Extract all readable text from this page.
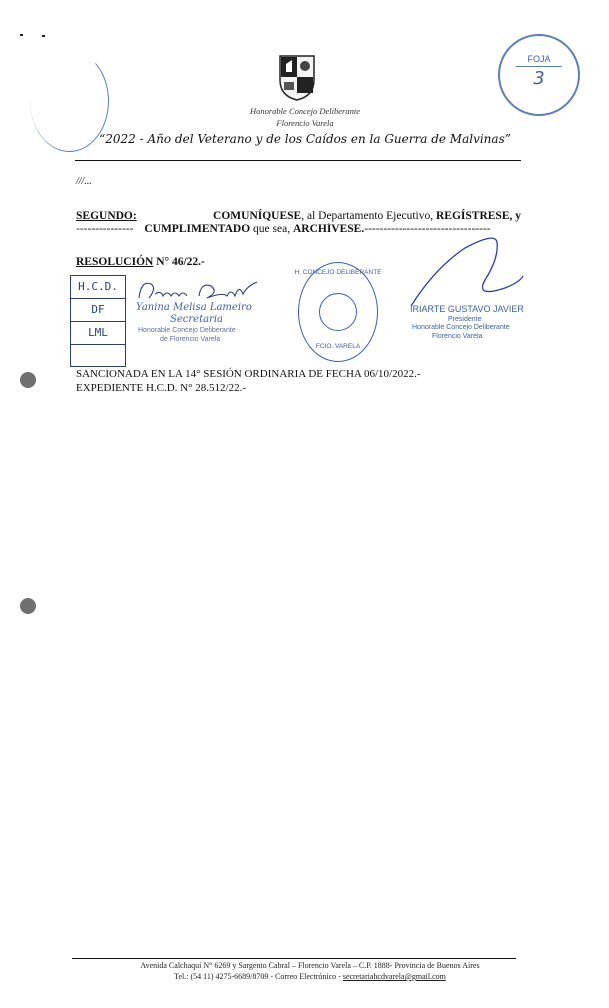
Honorable Concejo Deliberante
Florencio Varela
“2022 - Año del Veterano y de los Caídos en la Guerra de Malvinas”
FOJA
3
///...
SEGUNDO:	COMUNÍQUESE, al Departamento Ejecutivo, REGÍSTRESE, y
--------------- CUMPLIMENTADO que sea, ARCHÍVESE.---------------------------------
RESOLUCIÓN N° 46/22.-
H.C.D.
DF
LML
Yanina Melisa Lameiro
Secretaria
Honorable Concejo Deliberante
de Florencio Varela
H. CONCEJO DELIBERANTE
FCIO. VARELA
IRIARTE GUSTAVO JAVIER
Presidente
Honorable Concejo Deliberante
Florencio Varela
SANCIONADA EN LA 14° SESIÓN ORDINARIA DE FECHA 06/10/2022.-
EXPEDIENTE H.C.D. N° 28.512/22.-
Avenida Calchaquí N° 6269 y Sargento Cabral – Florencio Varela – C.P. 1888- Provincia de Buenos Aires
Tel.: (54 11) 4275-6689/8709 - Correo Electrónico - secretariahcdvarela@gmail.com
